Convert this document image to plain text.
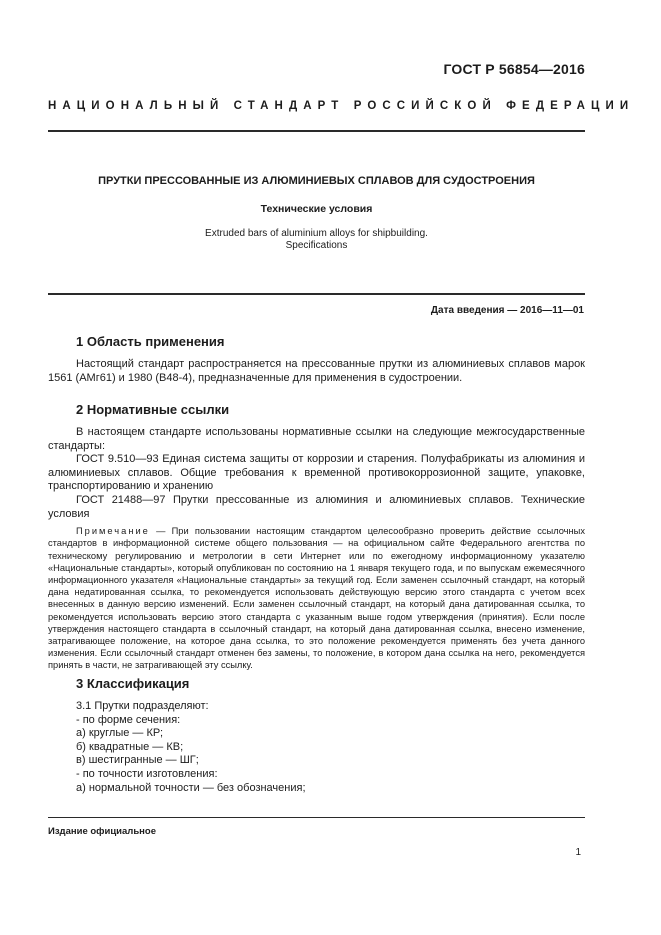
ГОСТ Р 56854—2016
НАЦИОНАЛЬНЫЙ СТАНДАРТ РОССИЙСКОЙ ФЕДЕРАЦИИ
ПРУТКИ ПРЕССОВАННЫЕ ИЗ АЛЮМИНИЕВЫХ СПЛАВОВ ДЛЯ СУДОСТРОЕНИЯ
Технические условия
Extruded bars of aluminium alloys for shipbuilding.
Specifications
Дата введения — 2016—11—01
1 Область применения

Настоящий стандарт распространяется на прессованные прутки из алюминиевых сплавов марок 1561 (АМг61) и 1980 (В48-4), предназначенные для применения в судостроении.

2 Нормативные ссылки

В настоящем стандарте использованы нормативные ссылки на следующие межгосударственные стандарты:

ГОСТ 9.510—93 Единая система защиты от коррозии и старения. Полуфабрикаты из алюминия и алюминиевых сплавов. Общие требования к временной противокоррозионной защите, упаковке, транспортированию и хранению

ГОСТ 21488—97 Прутки прессованные из алюминия и алюминиевых сплавов. Технические условия

Примечание — При пользовании настоящим стандартом целесообразно проверить действие ссылочных стандартов в информационной системе общего пользования — на официальном сайте Федерального агентства по техническому регулированию и метрологии в сети Интернет или по ежегодному информационному указателю «Национальные стандарты», который опубликован по состоянию на 1 января текущего года, и по выпускам ежемесячного информационного указателя «Национальные стандарты» за текущий год. Если заменен ссылочный стандарт, на который дана недатированная ссылка, то рекомендуется использовать действующую версию этого стандарта с учетом всех внесенных в данную версию изменений. Если заменен ссылочный стандарт, на который дана датированная ссылка, то рекомендуется использовать версию этого стандарта с указанным выше годом утверждения (принятия). Если после утверждения настоящего стандарта в ссылочный стандарт, на который дана датированная ссылка, внесено изменение, затрагивающее положение, на которое дана ссылка, то это положение рекомендуется применять без учета данного изменения. Если ссылочный стандарт отменен без замены, то положение, в котором дана ссылка на него, рекомендуется принять в части, не затрагивающей эту ссылку.

3 Классификация
3.1 Прутки подразделяют:
- по форме сечения:
а) круглые — КР;
б) квадратные — КВ;
в) шестигранные — ШГ;
- по точности изготовления:
а) нормальной точности — без обозначения;
Издание официальное
1
